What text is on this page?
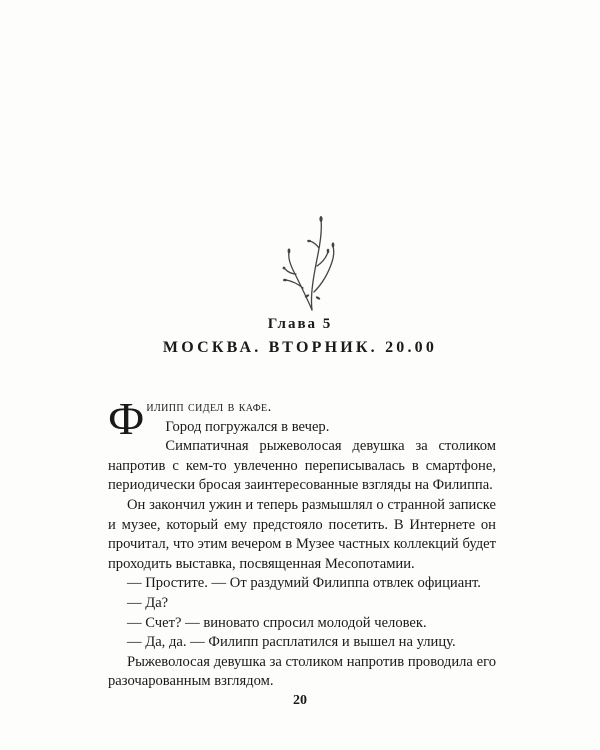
Глава 5
МОСКВА. ВТОРНИК. 20.00

Филипп сидел в кафе.

Город погружался в вечер.

Симпатичная рыжеволосая девушка за столиком напротив с кем-то увлеченно переписывалась в смартфоне, периодически бросая заинтересованные взгляды на Филиппа.

Он закончил ужин и теперь размышлял о странной записке и музее, который ему предстояло посетить. В Интернете он прочитал, что этим вечером в Музее частных коллекций будет проходить выставка, посвященная Месопотамии.

— Простите. — От раздумий Филиппа отвлек официант.

— Да?

— Счет? — виновато спросил молодой человек.

— Да, да. — Филипп расплатился и вышел на улицу.

Рыжеволосая девушка за столиком напротив проводила его разочарованным взглядом.

20
